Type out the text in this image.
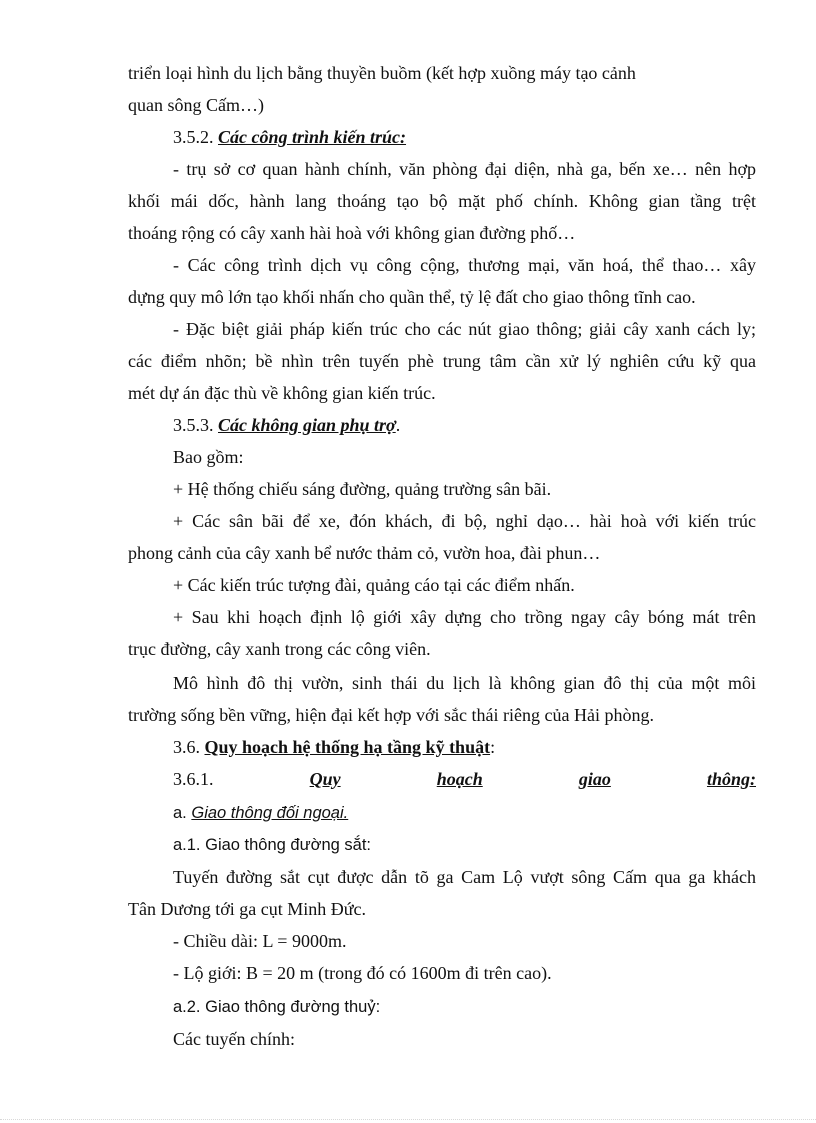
triển loại hình du lịch bằng thuyền buồm (kết hợp xuồng máy tạo cảnh
quan sông Cấm…)
3.5.2. Các công trình kiến trúc:
- trụ sở cơ quan hành chính, văn phòng đại diện, nhà ga, bến xe… nên hợp
khối mái dốc, hành lang thoáng tạo bộ mặt phố chính. Không gian tầng trệt
thoáng rộng có cây xanh hài hoà với không gian đường phố…
- Các công trình dịch vụ công cộng, thương mại, văn hoá, thể thao… xây
dựng quy mô lớn tạo khối nhấn cho quần thể, tỷ lệ đất cho giao thông tĩnh cao.
- Đặc biệt giải pháp kiến trúc cho các nút giao thông; giải cây xanh cách ly;
các điểm nhõn; bề nhìn trên tuyến phè trung tâm cần xử lý nghiên cứu kỹ qua
mét dự án đặc thù về không gian kiến trúc.
3.5.3. Các không gian phụ trợ.
Bao gồm:
+ Hệ thống chiếu sáng đường, quảng trường sân bãi.
+ Các sân bãi để xe, đón khách, đi bộ, nghỉ dạo… hài hoà với kiến trúc
phong cảnh của cây xanh bể nước thảm cỏ, vườn hoa, đài phun…
+ Các kiến trúc tượng đài, quảng cáo tại các điểm nhấn.
+ Sau khi hoạch định lộ giới xây dựng cho trồng ngay cây bóng mát trên
trục đường, cây xanh trong các công viên.
Mô hình đô thị vườn, sinh thái du lịch là không gian đô thị của một môi
trường sống bền vững, hiện đại kết hợp với sắc thái riêng của Hải phòng.
3.6. Quy hoạch hệ thống hạ tầng kỹ thuật:
3.6.1.	Quy	hoạch	giao	thông:
a. Giao thông đối ngoại.
a.1. Giao thông đường sắt:
Tuyến đường sắt cụt được dẫn tõ ga Cam Lộ vượt sông Cấm qua ga khách
Tân Dương tới ga cụt Minh Đức.
- Chiều dài: L = 9000m.
- Lộ giới: B = 20 m (trong đó có 1600m đi trên cao).
a.2. Giao thông đường thuỷ:
Các tuyến chính:
